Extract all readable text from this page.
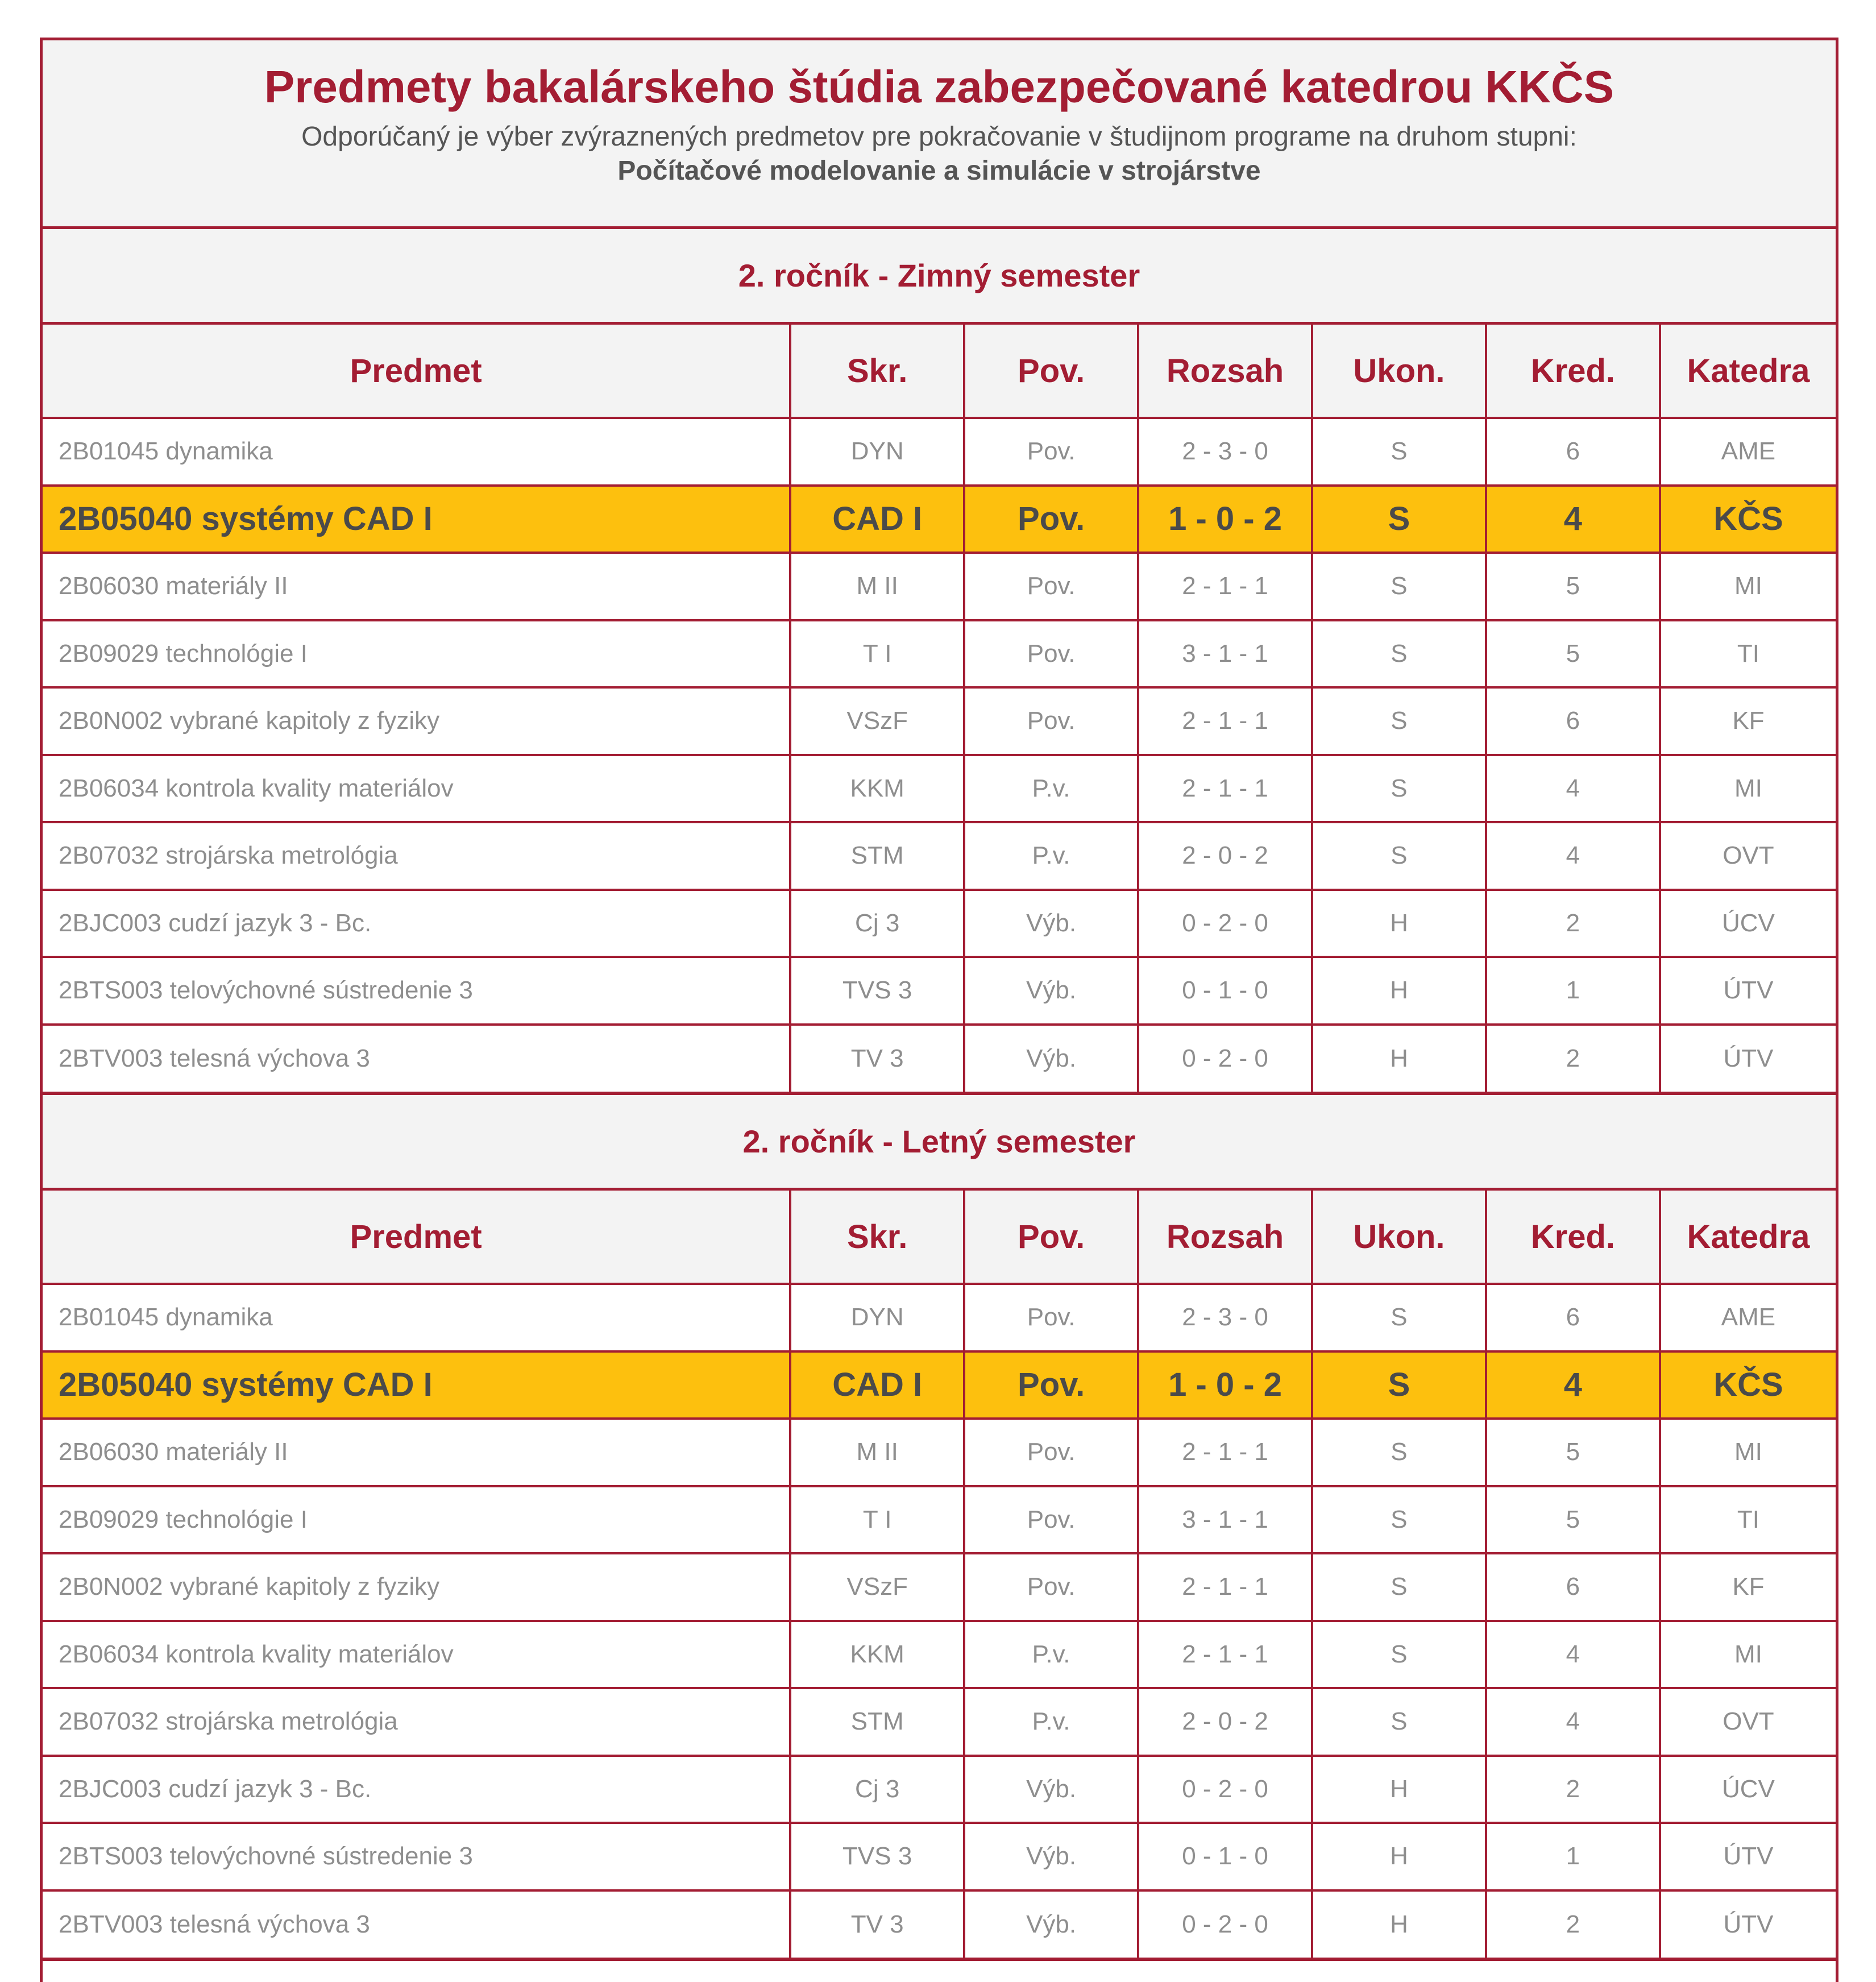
Predmety bakalárskeho štúdia zabezpečované katedrou KKČS
Odporúčaný je výber zvýraznených predmetov pre pokračovanie v študijnom programe na druhom stupni:
Počítačové modelovanie a simulácie v strojárstve
2. ročník - Zimný semester
Predmet	Skr.	Pov.	Rozsah	Ukon.	Kred.	Katedra
2B01045 dynamika	DYN	Pov.	2 - 3 - 0	S	6	AME
2B05040 systémy CAD I	CAD I	Pov.	1 - 0 - 2	S	4	KČS
2B06030 materiály II	M II	Pov.	2 - 1 - 1	S	5	MI
2B09029 technológie I	T I	Pov.	3 - 1 - 1	S	5	TI
2B0N002 vybrané kapitoly z fyziky	VSzF	Pov.	2 - 1 - 1	S	6	KF
2B06034 kontrola kvality materiálov	KKM	P.v.	2 - 1 - 1	S	4	MI
2B07032 strojárska metrológia	STM	P.v.	2 - 0 - 2	S	4	OVT
2BJC003 cudzí jazyk 3 - Bc.	Cj 3	Výb.	0 - 2 - 0	H	2	ÚCV
2BTS003 telovýchovné sústredenie 3	TVS 3	Výb.	0 - 1 - 0	H	1	ÚTV
2BTV003 telesná výchova 3	TV 3	Výb.	0 - 2 - 0	H	2	ÚTV
2. ročník - Letný semester
Predmet	Skr.	Pov.	Rozsah	Ukon.	Kred.	Katedra
2B01045 dynamika	DYN	Pov.	2 - 3 - 0	S	6	AME
2B05040 systémy CAD I	CAD I	Pov.	1 - 0 - 2	S	4	KČS
2B06030 materiály II	M II	Pov.	2 - 1 - 1	S	5	MI
2B09029 technológie I	T I	Pov.	3 - 1 - 1	S	5	TI
2B0N002 vybrané kapitoly z fyziky	VSzF	Pov.	2 - 1 - 1	S	6	KF
2B06034 kontrola kvality materiálov	KKM	P.v.	2 - 1 - 1	S	4	MI
2B07032 strojárska metrológia	STM	P.v.	2 - 0 - 2	S	4	OVT
2BJC003 cudzí jazyk 3 - Bc.	Cj 3	Výb.	0 - 2 - 0	H	2	ÚCV
2BTS003 telovýchovné sústredenie 3	TVS 3	Výb.	0 - 1 - 0	H	1	ÚTV
2BTV003 telesná výchova 3	TV 3	Výb.	0 - 2 - 0	H	2	ÚTV
